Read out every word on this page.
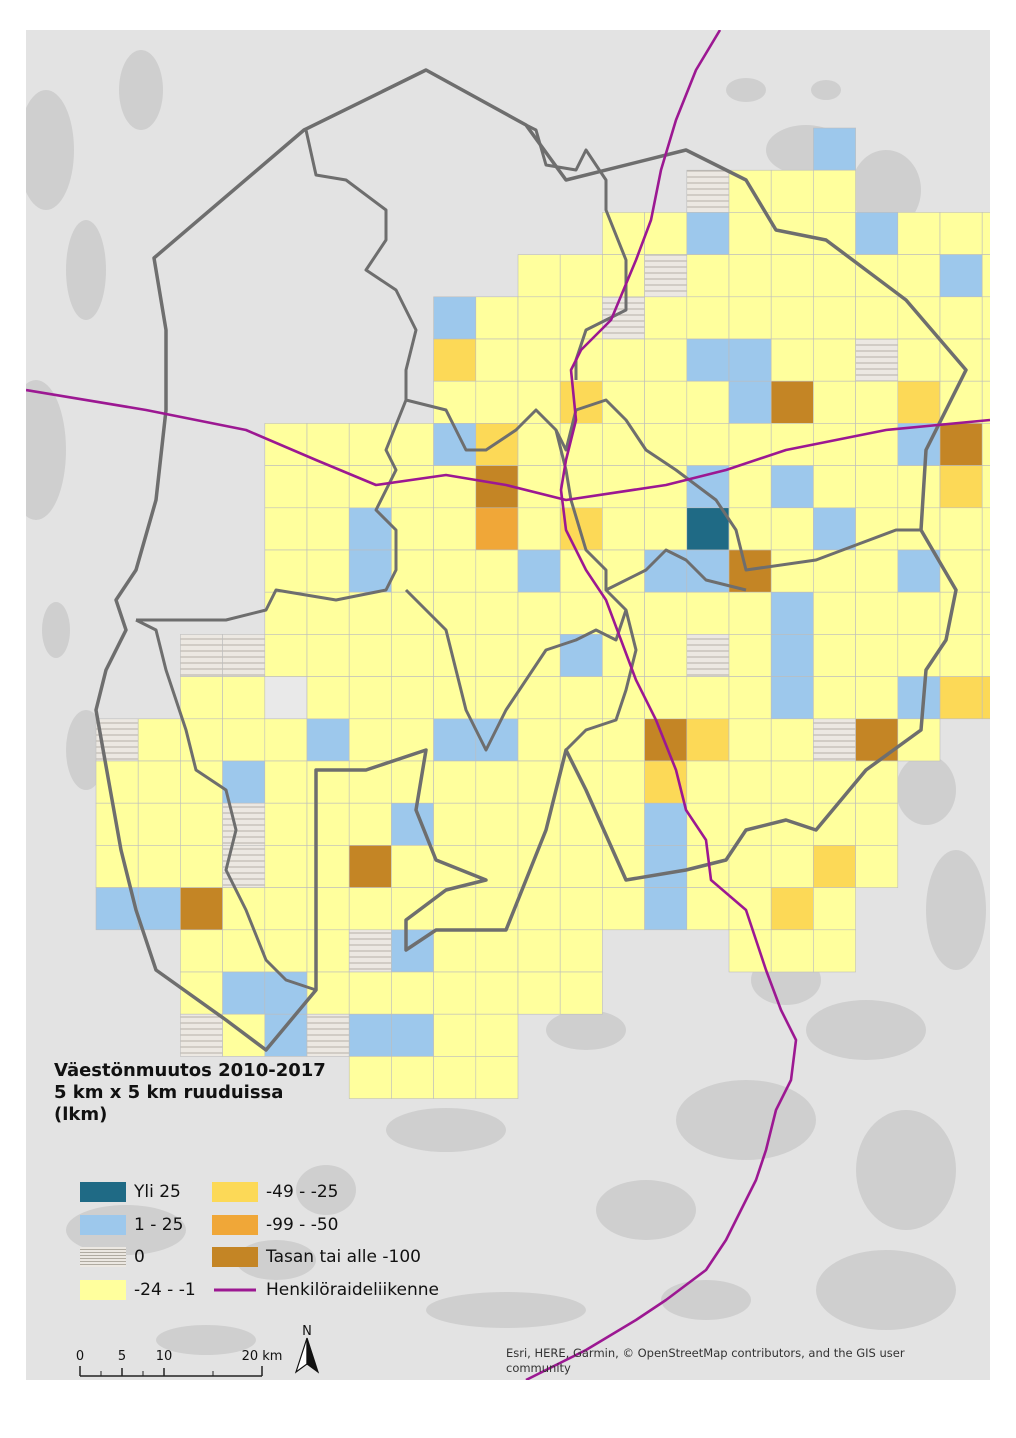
Väestönmuutos 2010-2017
5 km x 5 km ruuduissa
(lkm)
Yli 25
1 - 25
0
-24 - -1
-49 - -25
-99 - -50
Tasan tai alle -100
Henkilöraideliikenne
0	5 10	20 km
N
Esri, HERE, Garmin, © OpenStreetMap contributors, and the GIS user community
